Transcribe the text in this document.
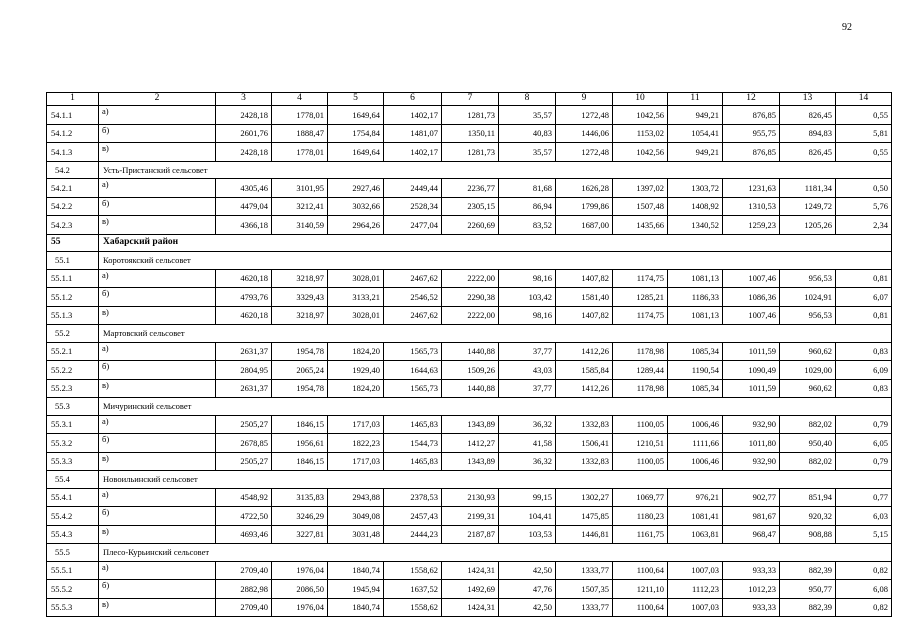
92
1	2	3	4	5	6	7	8	9	10	11	12	13	14
54.1.1	а)	2428,18	1778,01	1649,64	1402,17	1281,73	35,57	1272,48	1042,56	949,21	876,85	826,45	0,55
54.1.2	б)	2601,76	1888,47	1754,84	1481,07	1350,11	40,83	1446,06	1153,02	1054,41	955,75	894,83	5,81
54.1.3	в)	2428,18	1778,01	1649,64	1402,17	1281,73	35,57	1272,48	1042,56	949,21	876,85	826,45	0,55
54.2	Усть-Пристанский сельсовет												
54.2.1	а)	4305,46	3101,95	2927,46	2449,44	2236,77	81,68	1626,28	1397,02	1303,72	1231,63	1181,34	0,50
54.2.2	б)	4479,04	3212,41	3032,66	2528,34	2305,15	86,94	1799,86	1507,48	1408,92	1310,53	1249,72	5,76
54.2.3	в)	4366,18	3140,59	2964,26	2477,04	2260,69	83,52	1687,00	1435,66	1340,52	1259,23	1205,26	2,34
55	Хабарский район												
55.1	Коротоякский сельсовет												
55.1.1	а)	4620,18	3218,97	3028,01	2467,62	2222,00	98,16	1407,82	1174,75	1081,13	1007,46	956,53	0,81
55.1.2	б)	4793,76	3329,43	3133,21	2546,52	2290,38	103,42	1581,40	1285,21	1186,33	1086,36	1024,91	6,07
55.1.3	в)	4620,18	3218,97	3028,01	2467,62	2222,00	98,16	1407,82	1174,75	1081,13	1007,46	956,53	0,81
55.2	Мартовский сельсовет												
55.2.1	а)	2631,37	1954,78	1824,20	1565,73	1440,88	37,77	1412,26	1178,98	1085,34	1011,59	960,62	0,83
55.2.2	б)	2804,95	2065,24	1929,40	1644,63	1509,26	43,03	1585,84	1289,44	1190,54	1090,49	1029,00	6,09
55.2.3	в)	2631,37	1954,78	1824,20	1565,73	1440,88	37,77	1412,26	1178,98	1085,34	1011,59	960,62	0,83
55.3	Мичуринский сельсовет												
55.3.1	а)	2505,27	1846,15	1717,03	1465,83	1343,89	36,32	1332,83	1100,05	1006,46	932,90	882,02	0,79
55.3.2	б)	2678,85	1956,61	1822,23	1544,73	1412,27	41,58	1506,41	1210,51	1111,66	1011,80	950,40	6,05
55.3.3	в)	2505,27	1846,15	1717,03	1465,83	1343,89	36,32	1332,83	1100,05	1006,46	932,90	882,02	0,79
55.4	Новоильинский сельсовет												
55.4.1	а)	4548,92	3135,83	2943,88	2378,53	2130,93	99,15	1302,27	1069,77	976,21	902,77	851,94	0,77
55.4.2	б)	4722,50	3246,29	3049,08	2457,43	2199,31	104,41	1475,85	1180,23	1081,41	981,67	920,32	6,03
55.4.3	в)	4693,46	3227,81	3031,48	2444,23	2187,87	103,53	1446,81	1161,75	1063,81	968,47	908,88	5,15
55.5	Плесо-Курьинский сельсовет												
55.5.1	а)	2709,40	1976,04	1840,74	1558,62	1424,31	42,50	1333,77	1100,64	1007,03	933,33	882,39	0,82
55.5.2	б)	2882,98	2086,50	1945,94	1637,52	1492,69	47,76	1507,35	1211,10	1112,23	1012,23	950,77	6,08
55.5.3	в)	2709,40	1976,04	1840,74	1558,62	1424,31	42,50	1333,77	1100,64	1007,03	933,33	882,39	0,82
